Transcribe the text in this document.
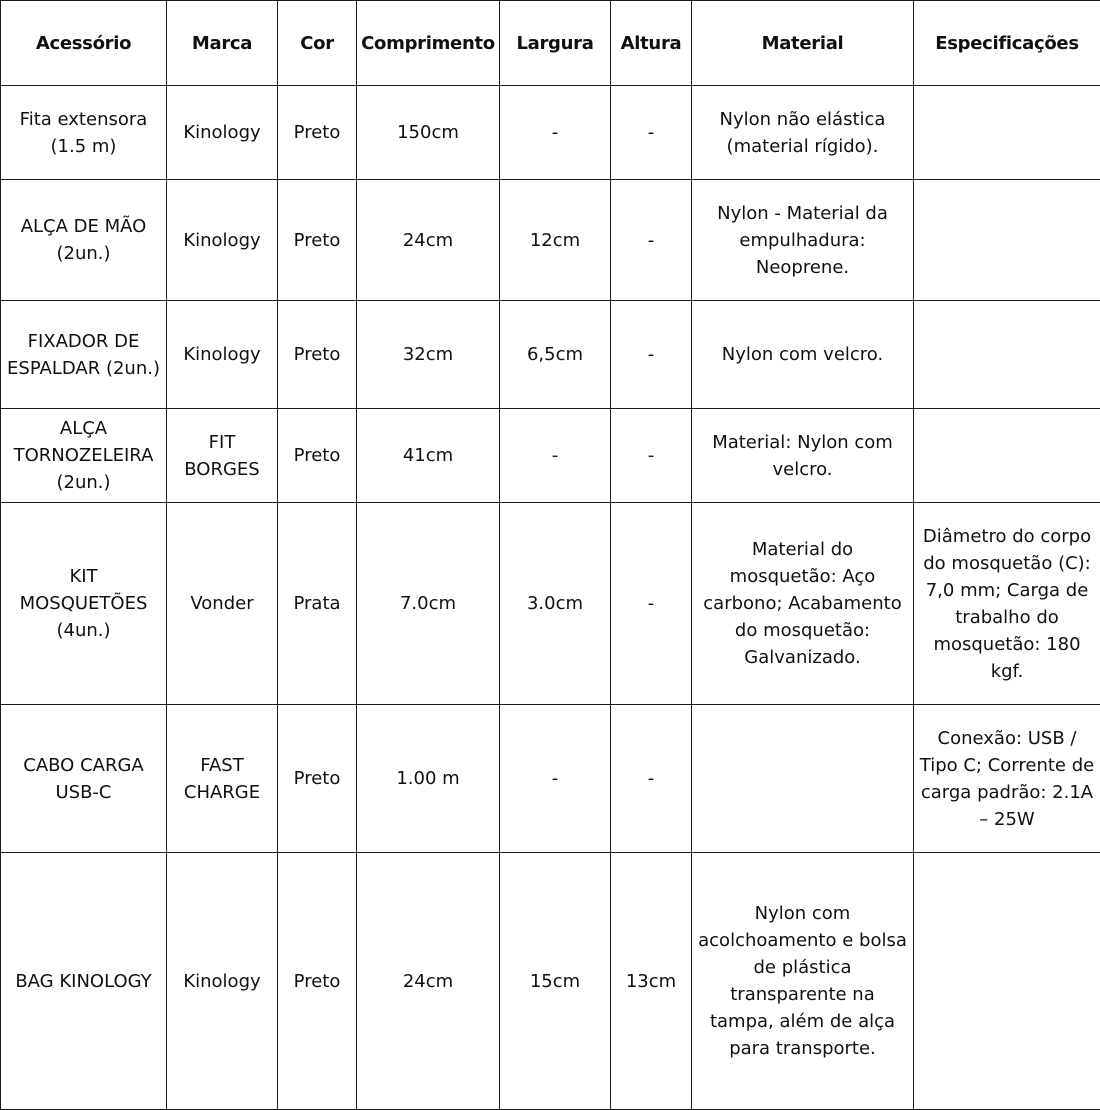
Acessório	Marca	Cor	Comprimento	Largura	Altura	Material	Especificações
Fita extensora (1.5 m)	Kinology	Preto	150cm	-	-	Nylon não elástica (material rígido).	
ALÇA DE MÃO (2un.)	Kinology	Preto	24cm	12cm	-	Nylon - Material da empulhadura: Neoprene.	
FIXADOR DE ESPALDAR (2un.)	Kinology	Preto	32cm	6,5cm	-	Nylon com velcro.	
ALÇA TORNOZELEIRA (2un.)	FIT BORGES	Preto	41cm	-	-	Material: Nylon com velcro.	
KIT MOSQUETÕES (4un.)	Vonder	Prata	7.0cm	3.0cm	-	Material do mosquetão: Aço carbono; Acabamento do mosquetão: Galvanizado.	Diâmetro do corpo do mosquetão (C): 7,0 mm; Carga de trabalho do mosquetão: 180 kgf.
CABO CARGA USB-C	FAST CHARGE	Preto	1.00 m	-	-		Conexão: USB / Tipo C; Corrente de carga padrão: 2.1A – 25W
BAG KINOLOGY	Kinology	Preto	24cm	15cm	13cm	Nylon com acolchoamento e bolsa de plástica transparente na tampa, além de alça para transporte.	
